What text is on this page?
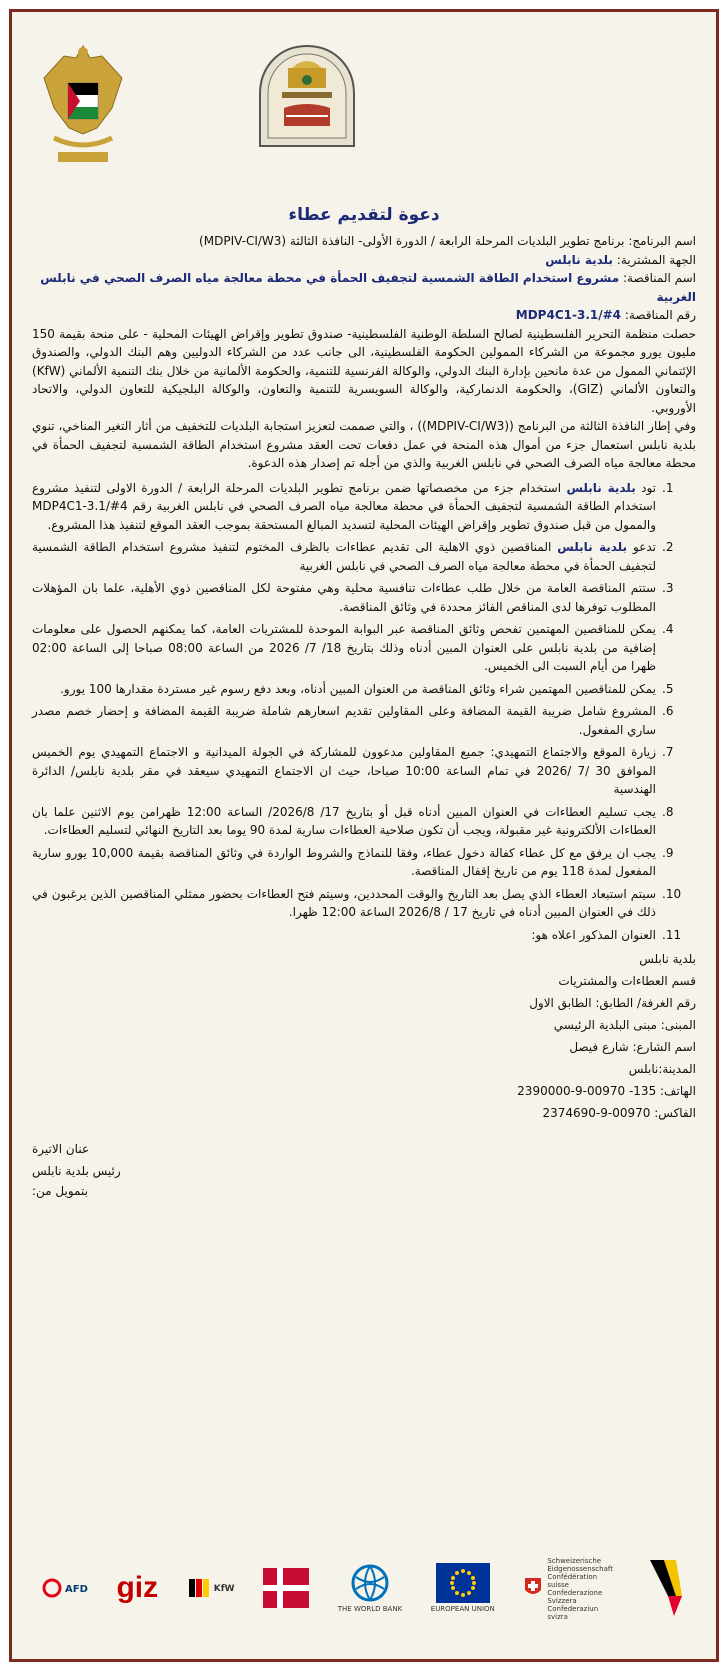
دعوة لتقديم عطاء

اسم البرنامج: برنامج تطوير البلديات المرحلة الرابعة / الدورة الأولى- النافذة الثالثة (MDPIV-CI/W3)

الجهة المشترية: بلدية نابلس

اسم المناقصة: مشروع استخدام الطاقة الشمسية لتجفيف الحمأة في محطة معالجة مياه الصرف الصحي في نابلس الغربية

رقم المناقصة: MDP4C1-3.1/#4

حصلت منظمة التحرير الفلسطينية لصالح السلطة الوطنية الفلسطينية- صندوق تطوير وإقراض الهيئات المحلية - على منحة بقيمة 150 مليون يورو مجموعة من الشركاء الممولين الحكومة الفلسطينية، الى جانب عدد من الشركاء الدوليين وهم البنك الدولي، والصندوق الإئتماني الممول من عدة مانحين بإدارة البنك الدولي، والوكالة الفرنسية للتنمية، والحكومة الألمانية من خلال بنك التنمية الألماني (KfW) والتعاون الألماني (GIZ)، والحكومة الدنماركية، والوكالة السويسرية للتنمية والتعاون، والوكالة البلجيكية للتعاون الدولي، والاتحاد الأوروبي.

وفي إطار النافذة الثالثة من البرنامج ((MDPIV-CI/W3)) ، والتي صممت لتعزيز استجابة البلديات للتخفيف من أثار التغير المناخي، تنوي بلدية نابلس استعمال جزء من أموال هذه المنحة في عمل دفعات تحت العقد مشروع استخدام الطاقة الشمسية لتجفيف الحمأة في محطة معالجة مياه الصرف الصحي في نابلس الغربية والذي من أجله تم إصدار هذه الدعوة.

1.
تود بلدية نابلس استخدام جزء من مخصصاتها ضمن برنامج تطوير البلديات المرحلة الرابعة / الدورة الاولى لتنفيذ مشروع استخدام الطاقة الشمسية لتجفيف الحمأة في محطة معالجة مياه الصرف الصحي في نابلس الغربية رقم MDP4C1-3.1/#4 والممول من قبل صندوق تطوير وإقراض الهيئات المحلية لتسديد المبالغ المستحقة بموجب العقد الموقع لتنفيذ هذا المشروع.
2.
تدعو بلدية نابلس المناقصين ذوي الاهلية الى تقديم عطاءات بالظرف المختوم لتنفيذ مشروع استخدام الطاقة الشمسية لتجفيف الحمأة في محطة معالجة مياه الصرف الصحي في نابلس الغربية
3.
ستتم المناقصة العامة من خلال طلب عطاءات تنافسية محلية وهي مفتوحة لكل المناقصين ذوي الأهلية، علما بان المؤهلات المطلوب توفرها لدى المناقص الفائز محددة في وثائق المناقصة.
4.
يمكن للمناقصين المهتمين تفحص وثائق المناقصة عبر البوابة الموحدة للمشتريات العامة، كما يمكنهم الحصول على معلومات إضافية من بلدية نابلس على العنوان المبين أدناه وذلك بتاريخ 18/ 7/ 2026 من الساعة 08:00 صباحا إلى الساعة 02:00 ظهرا من أيام السبت الى الخميس.
5.
يمكن للمناقصين المهتمين شراء وثائق المناقصة من العنوان المبين أدناه، وبعد دفع رسوم غير مستردة مقدارها 100 يورو.
6.
المشروع شامل ضريبة القيمة المضافة وعلى المقاولين تقديم اسعارهم شاملة ضريبة القيمة المضافة و إحضار خصم مصدر ساري المفعول.
7.
زيارة الموقع والاجتماع التمهيدي: جميع المقاولين مدعوون للمشاركة في الجولة الميدانية و الاجتماع التمهيدي يوم الخميس الموافق 30 /7 /2026 في تمام الساعة 10:00 صباحا، حيث ان الاجتماع التمهيدي سيعقد في مقر بلدية نابلس/ الدائرة الهندسية
8.
يجب تسليم العطاءات في العنوان المبين أدناه قبل أو بتاريخ 17/ 2026/8/ الساعة 12:00 ظهرامن يوم الاثنين علما بان العطاءات الألكترونية غير مقبولة، ويجب أن تكون صلاحية العطاءات سارية لمدة 90 يوما بعد التاريخ النهائي لتسليم العطاءات.
9.
يجب ان يرفق مع كل عطاء كفالة دخول عطاء، وفقا للنماذج والشروط الواردة في وثائق المناقصة بقيمة 10,000 يورو سارية المفعول لمدة 118 يوم من تاريخ إقفال المناقصة.
10.
سيتم استبعاد العطاء الذي يصل بعد التاريخ والوقت المحددين، وسيتم فتح العطاءات بحضور ممثلي المناقصين الذين يرغبون في ذلك في العنوان المبين أدناه في تاريخ 17 / 2026/8 الساعة 12:00 ظهرا.
11.
العنوان المذكور اعلاه هو:

بلدية نابلس

قسم العطاءات والمشتريات

رقم الغرفة/ الطابق: الطابق الاول

المبنى: مبنى البلدية الرئيسي

اسم الشارع: شارع فيصل

المدينة:نابلس

الهاتف: 135- 00970-9-2390000

الفاكس: 00970-9-2374690

عنان الاتيرة

رئيس بلدية نابلس

بتمويل من:

Schweizerische Eidgenossenschaft Confédération suisse Confederazione Svizzera Confederaziun svizra
EUROPEAN UNION
THE WORLD BANK
KfW
giz
AFD
